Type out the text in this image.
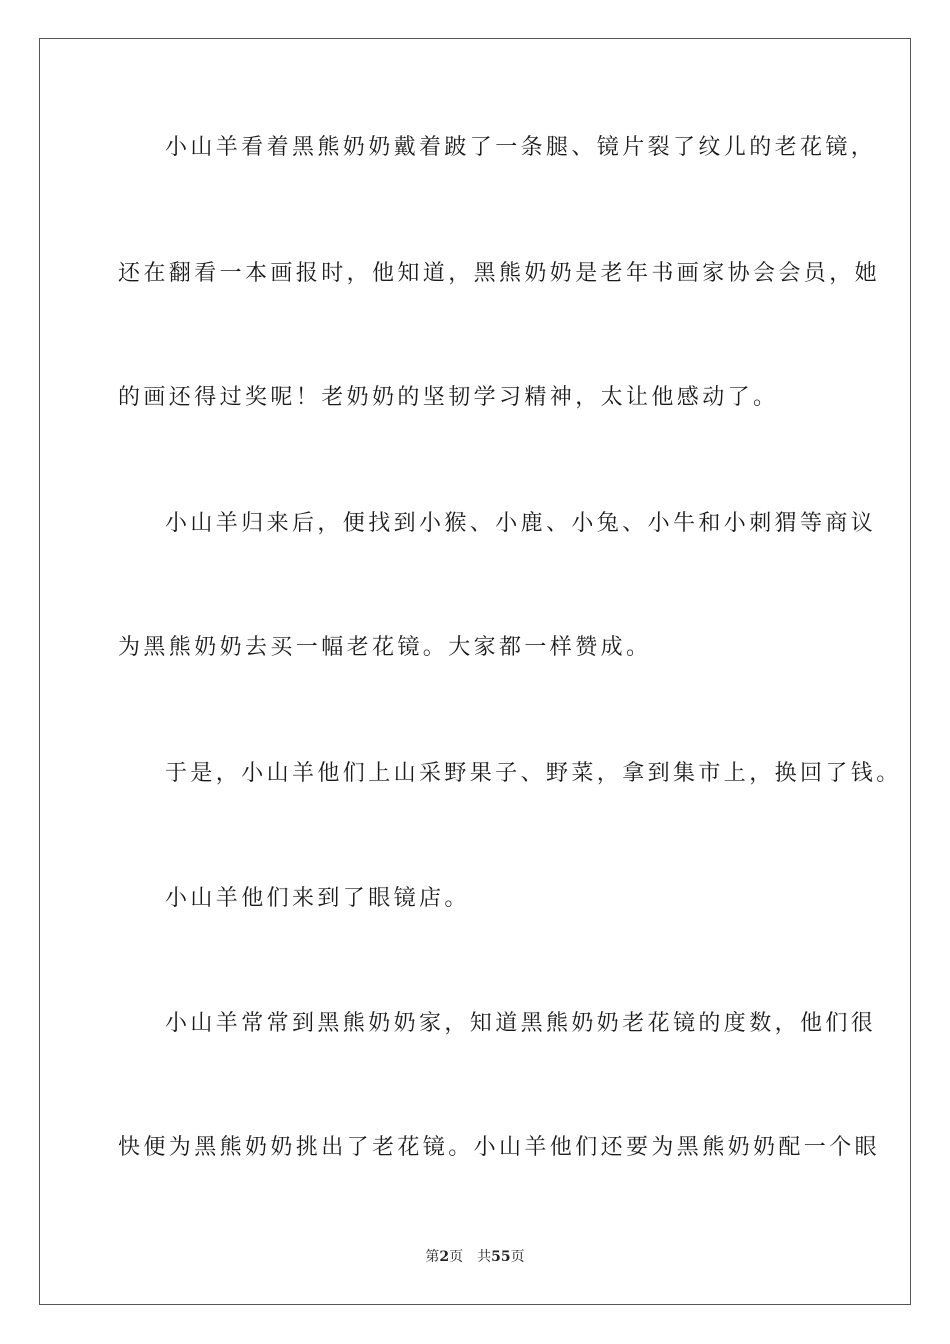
小山羊看着黑熊奶奶戴着跛了一条腿、镜片裂了纹儿的老花镜，
还在翻看一本画报时，他知道，黑熊奶奶是老年书画家协会会员，她
的画还得过奖呢！老奶奶的坚韧学习精神，太让他感动了。
小山羊归来后，便找到小猴、小鹿、小兔、小牛和小刺猬等商议
为黑熊奶奶去买一幅老花镜。大家都一样赞成。
于是，小山羊他们上山采野果子、野菜，拿到集市上，换回了钱。
小山羊他们来到了眼镜店。
小山羊常常到黑熊奶奶家，知道黑熊奶奶老花镜的度数，他们很
快便为黑熊奶奶挑出了老花镜。小山羊他们还要为黑熊奶奶配一个眼
第2页 共55页
